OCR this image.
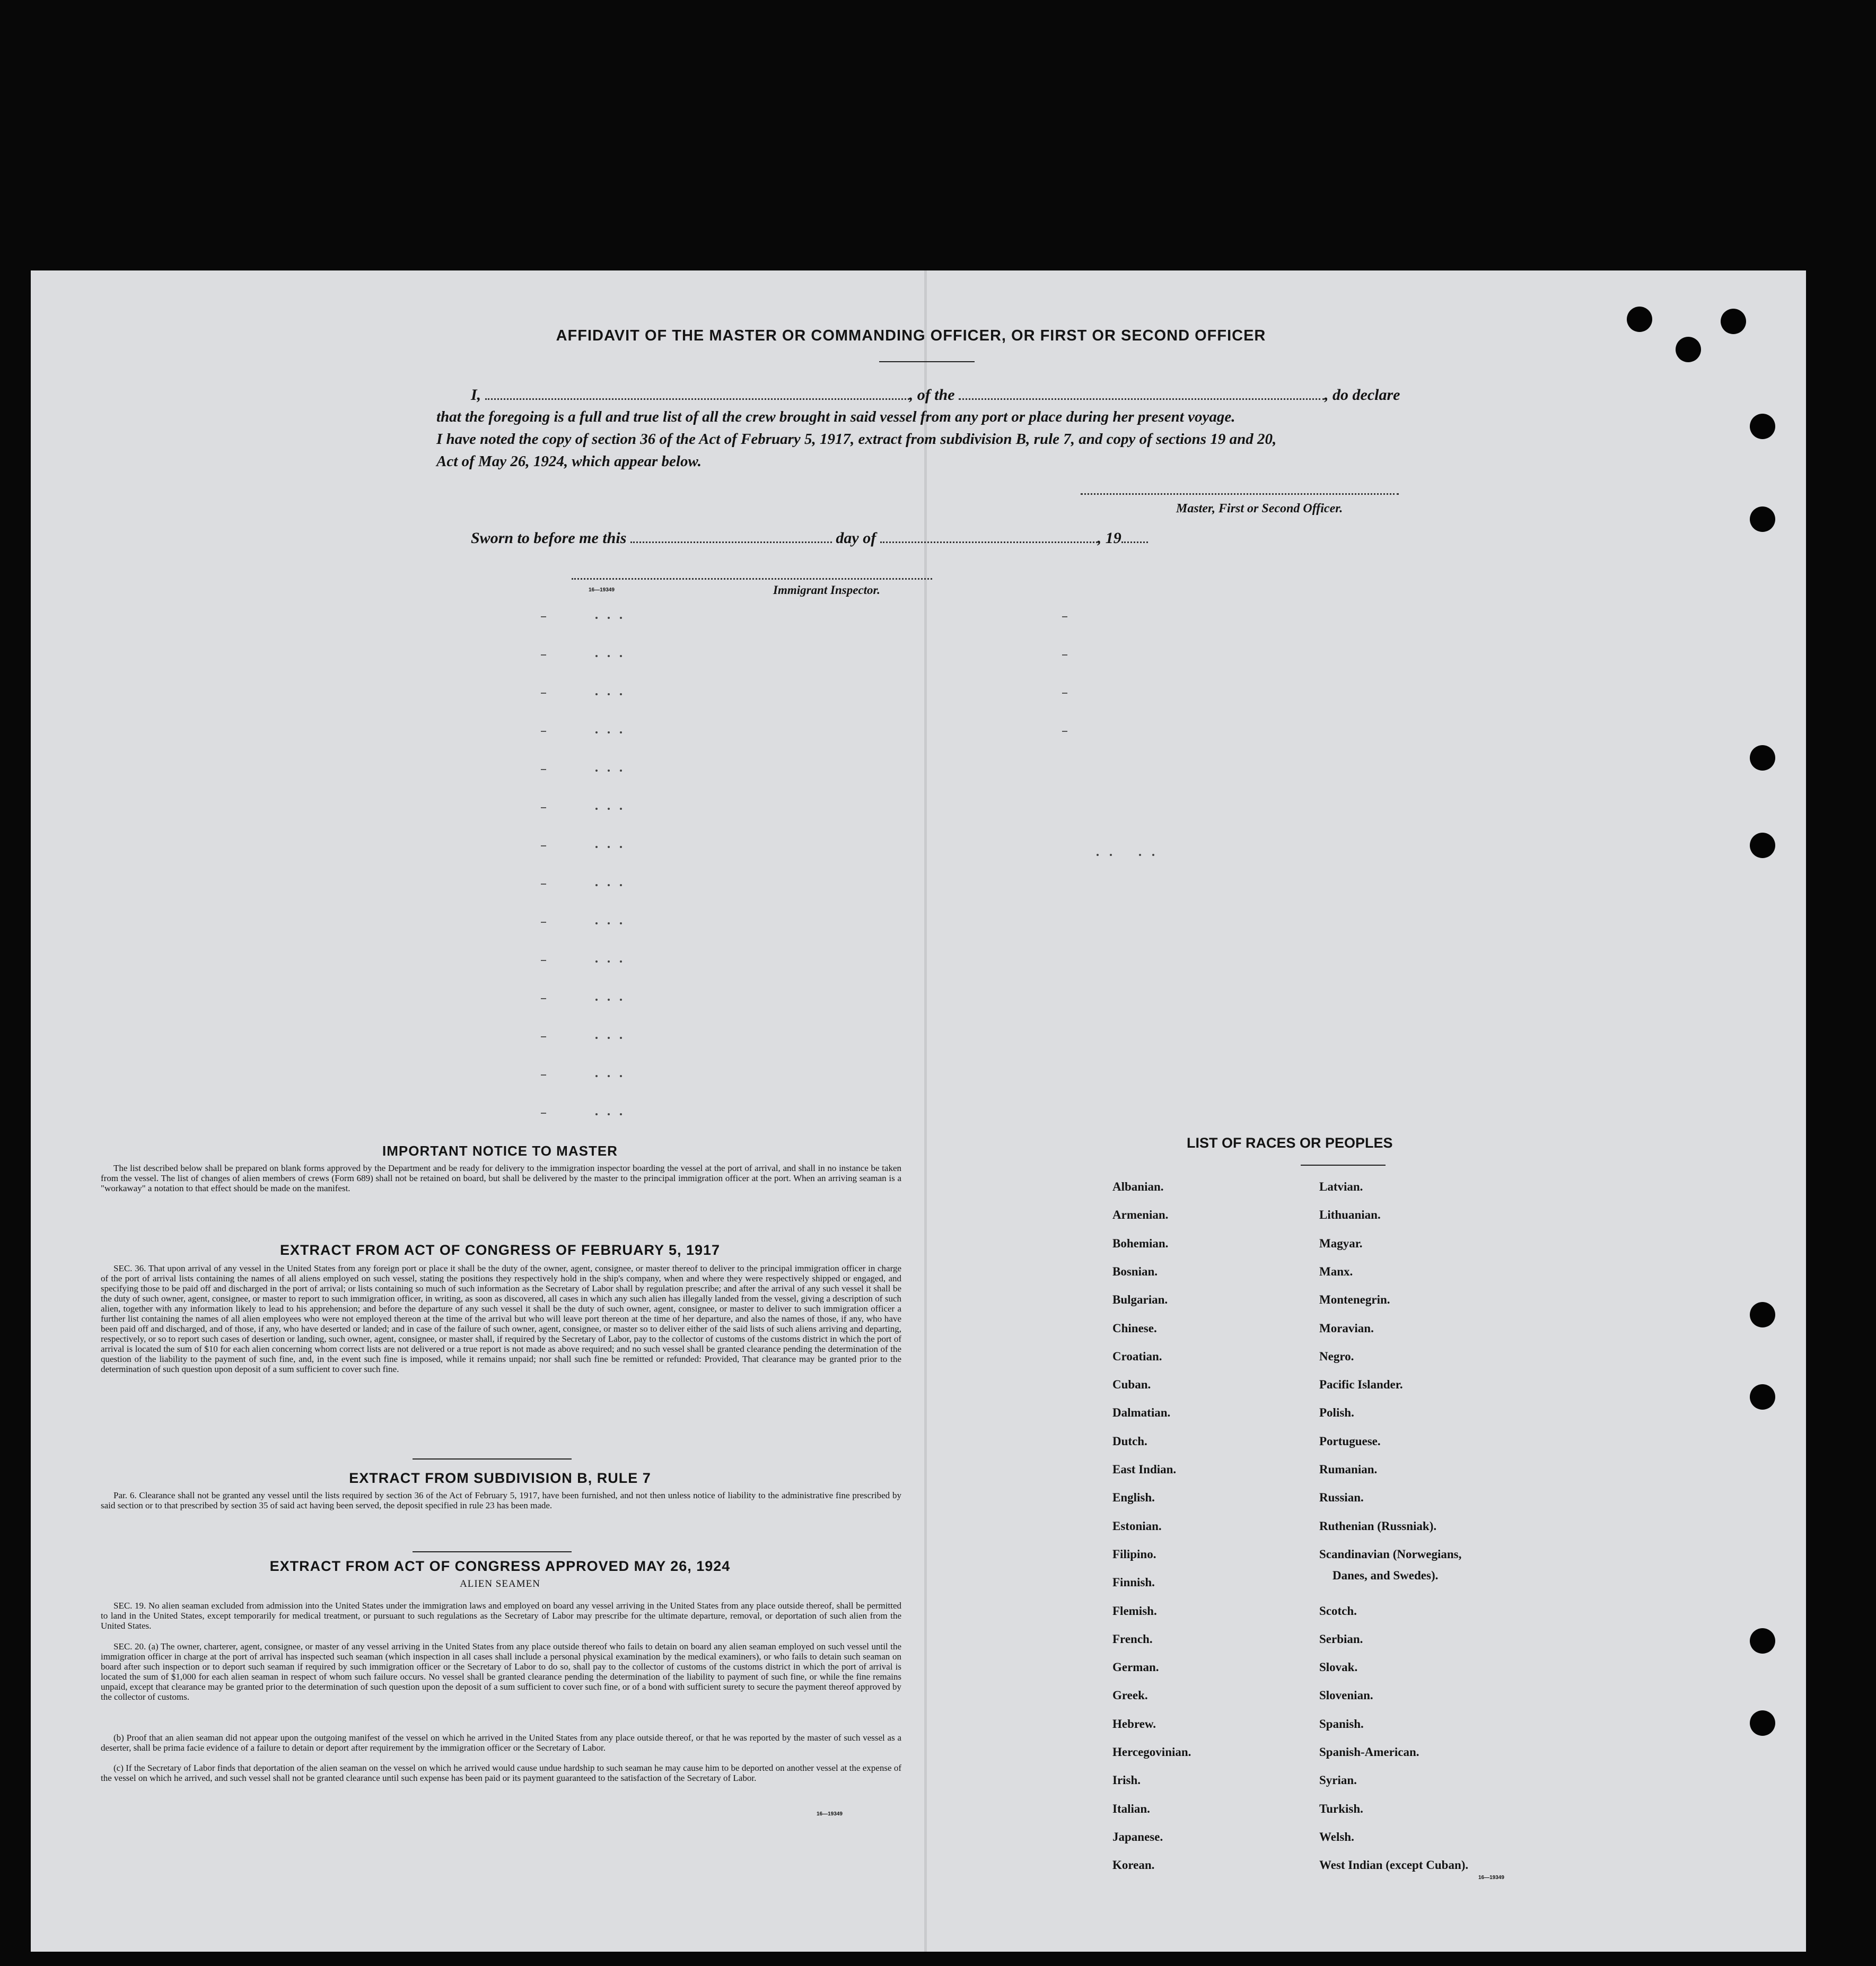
AFFIDAVIT OF THE MASTER OR COMMANDING OFFICER, OR FIRST OR SECOND OFFICER
I,	, of the	, do declare
that the foregoing is a full and true list of all the crew brought in said vessel from any port or place during her present voyage.
I have noted the copy of section 36 of the Act of February 5, 1917, extract from subdivision B, rule 7, and copy of sections 19 and 20,
Act of May 26, 1924, which appear below.
Master, First or Second Officer.
Sworn to before me this	day of	, 19
16—19349	Immigrant Inspector.
IMPORTANT NOTICE TO MASTER
The list described below shall be prepared on blank forms approved by the Department and be ready for delivery to the immigration inspector boarding the vessel at the port of arrival, and shall in no instance be taken from the vessel. The list of changes of alien members of crews (Form 689) shall not be retained on board, but shall be delivered by the master to the principal immigration officer at the port. When an arriving seaman is a "workaway" a notation to that effect should be made on the manifest.
EXTRACT FROM ACT OF CONGRESS OF FEBRUARY 5, 1917
SEC. 36. That upon arrival of any vessel in the United States from any foreign port or place it shall be the duty of the owner, agent, consignee, or master thereof to deliver to the principal immigration officer in charge of the port of arrival lists containing the names of all aliens employed on such vessel, stating the positions they respectively hold in the ship's company, when and where they were respectively shipped or engaged, and specifying those to be paid off and discharged in the port of arrival; or lists containing so much of such information as the Secretary of Labor shall by regulation prescribe; and after the arrival of any such vessel it shall be the duty of such owner, agent, consignee, or master to report to such immigration officer, in writing, as soon as discovered, all cases in which any such alien has illegally landed from the vessel, giving a description of such alien, together with any information likely to lead to his apprehension; and before the departure of any such vessel it shall be the duty of such owner, agent, consignee, or master to deliver to such immigration officer a further list containing the names of all alien employees who were not employed thereon at the time of the arrival but who will leave port thereon at the time of her departure, and also the names of those, if any, who have been paid off and discharged, and of those, if any, who have deserted or landed; and in case of the failure of such owner, agent, consignee, or master so to deliver either of the said lists of such aliens arriving and departing, respectively, or so to report such cases of desertion or landing, such owner, agent, consignee, or master shall, if required by the Secretary of Labor, pay to the collector of customs of the customs district in which the port of arrival is located the sum of $10 for each alien concerning whom correct lists are not delivered or a true report is not made as above required; and no such vessel shall be granted clearance pending the determination of the question of the liability to the payment of such fine, and, in the event such fine is imposed, while it remains unpaid; nor shall such fine be remitted or refunded: Provided, That clearance may be granted prior to the determination of such question upon deposit of a sum sufficient to cover such fine.
EXTRACT FROM SUBDIVISION B, RULE 7
Par. 6. Clearance shall not be granted any vessel until the lists required by section 36 of the Act of February 5, 1917, have been furnished, and not then unless notice of liability to the administrative fine prescribed by said section or to that prescribed by section 35 of said act having been served, the deposit specified in rule 23 has been made.
EXTRACT FROM ACT OF CONGRESS APPROVED MAY 26, 1924
ALIEN SEAMEN
SEC. 19. No alien seaman excluded from admission into the United States under the immigration laws and employed on board any vessel arriving in the United States from any place outside thereof, shall be permitted to land in the United States, except temporarily for medical treatment, or pursuant to such regulations as the Secretary of Labor may prescribe for the ultimate departure, removal, or deportation of such alien from the United States.
SEC. 20. (a) The owner, charterer, agent, consignee, or master of any vessel arriving in the United States from any place outside thereof who fails to detain on board any alien seaman employed on such vessel until the immigration officer in charge at the port of arrival has inspected such seaman (which inspection in all cases shall include a personal physical examination by the medical examiners), or who fails to detain such seaman on board after such inspection or to deport such seaman if required by such immigration officer or the Secretary of Labor to do so, shall pay to the collector of customs of the customs district in which the port of arrival is located the sum of $1,000 for each alien seaman in respect of whom such failure occurs. No vessel shall be granted clearance pending the determination of the liability to payment of such fine, or while the fine remains unpaid, except that clearance may be granted prior to the determination of such question upon the deposit of a sum sufficient to cover such fine, or of a bond with sufficient surety to secure the payment thereof approved by the collector of customs.
(b) Proof that an alien seaman did not appear upon the outgoing manifest of the vessel on which he arrived in the United States from any place outside thereof, or that he was reported by the master of such vessel as a deserter, shall be prima facie evidence of a failure to detain or deport after requirement by the immigration officer or the Secretary of Labor.
(c) If the Secretary of Labor finds that deportation of the alien seaman on the vessel on which he arrived would cause undue hardship to such seaman he may cause him to be deported on another vessel at the expense of the vessel on which he arrived, and such vessel shall not be granted clearance until such expense has been paid or its payment guaranteed to the satisfaction of the Secretary of Labor.
16—19349
LIST OF RACES OR PEOPLES
Albanian.
Armenian.
Bohemian.
Bosnian.
Bulgarian.
Chinese.
Croatian.
Cuban.
Dalmatian.
Dutch.
East Indian.
English.
Estonian.
Filipino.
Finnish.
Flemish.
French.
German.
Greek.
Hebrew.
Hercegovinian.
Irish.
Italian.
Japanese.
Korean.
Latvian.
Lithuanian.
Magyar.
Manx.
Montenegrin.
Moravian.
Negro.
Pacific Islander.
Polish.
Portuguese.
Rumanian.
Russian.
Ruthenian (Russniak).
Scandinavian (Norwegians,
Scotch.
Serbian.
Slovak.
Slovenian.
Spanish.
Spanish-American.
Syrian.
Turkish.
Welsh.
West Indian (except Cuban).
Danes, and Swedes).
16—19349
